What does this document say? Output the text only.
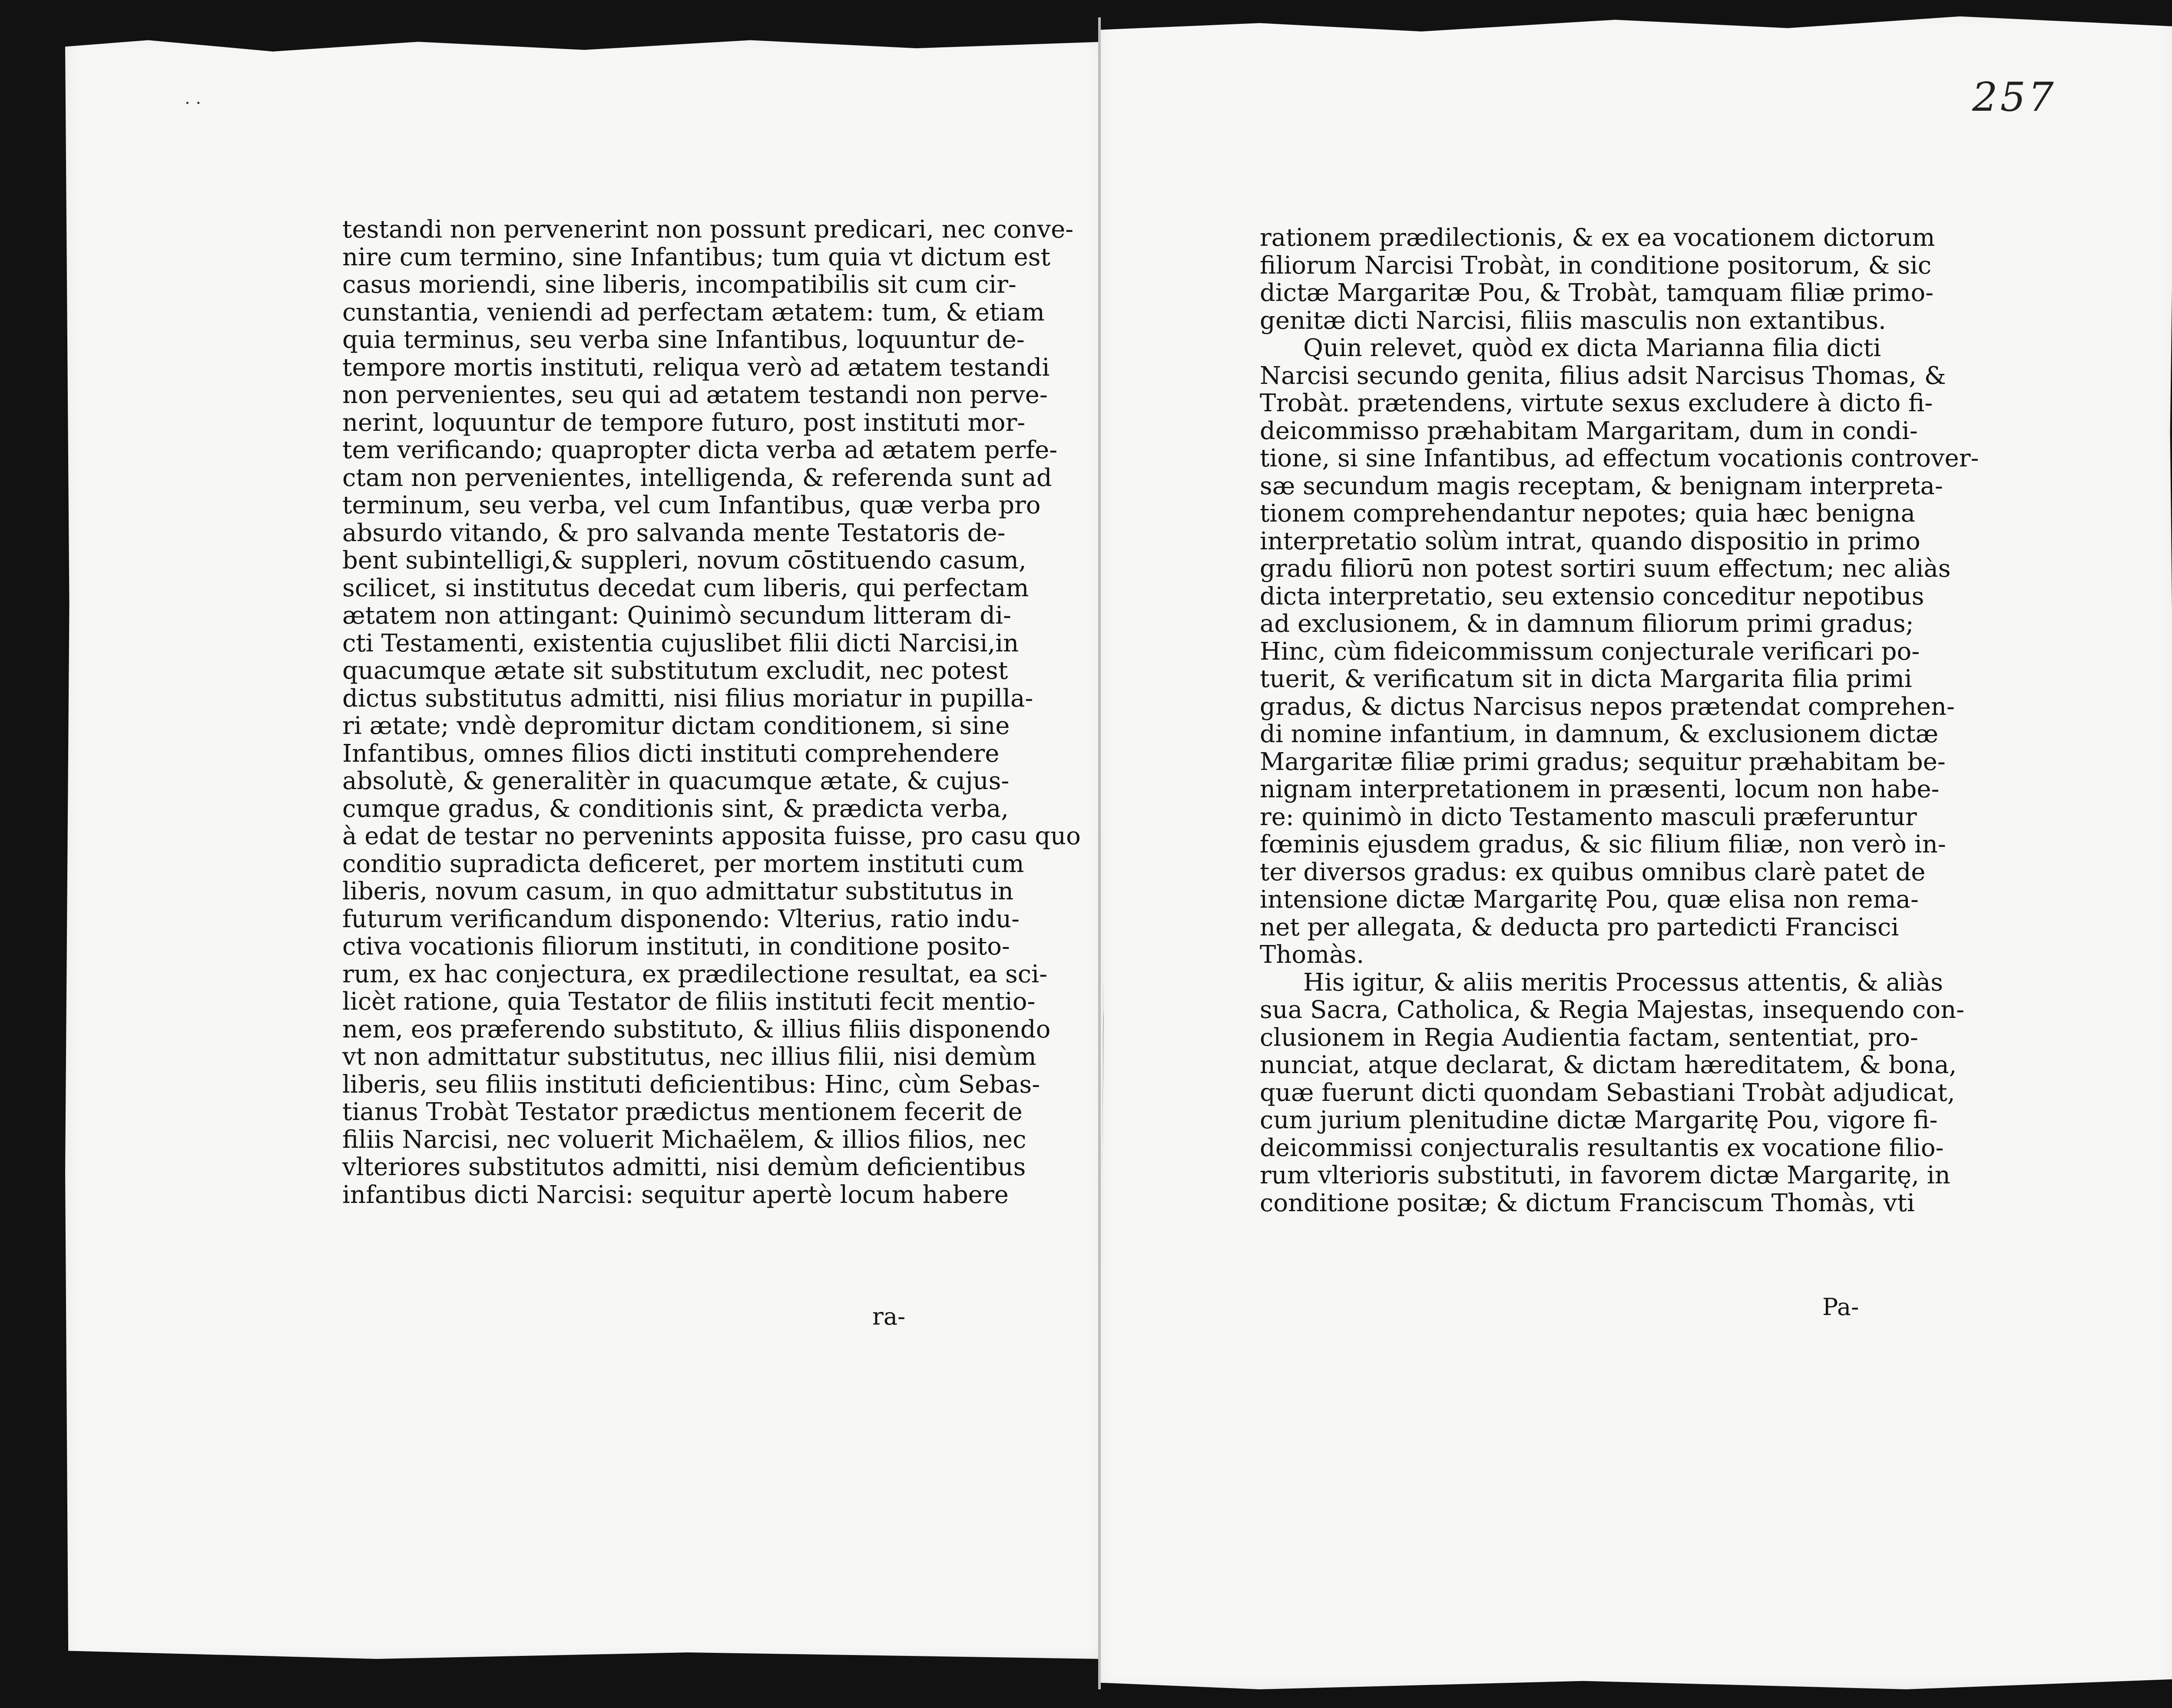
· ·	257
testandi non pervenerint non possunt predicari, nec conve-
nire cum termino, sine Infantibus; tum quia vt dictum est
casus moriendi, sine liberis, incompatibilis sit cum cir-
cunstantia, veniendi ad perfectam ætatem: tum, & etiam
quia terminus, seu verba sine Infantibus, loquuntur de-
tempore mortis instituti, reliqua verò ad ætatem testandi
non pervenientes, seu qui ad ætatem testandi non perve-
nerint, loquuntur de tempore futuro, post instituti mor-
tem verificando; quapropter dicta verba ad ætatem perfe-
ctam non pervenientes, intelligenda, & referenda sunt ad
terminum, seu verba, vel cum Infantibus, quæ verba pro
absurdo vitando, & pro salvanda mente Testatoris de-
bent subintelligi,& suppleri, novum cōstituendo casum,
scilicet, si institutus decedat cum liberis, qui perfectam
ætatem non attingant: Quinimò secundum litteram di-
cti Testamenti, existentia cujuslibet filii dicti Narcisi,in
quacumque ætate sit substitutum excludit, nec potest
dictus substitutus admitti, nisi filius moriatur in pupilla-
ri ætate; vndè depromitur dictam conditionem, si sine
Infantibus, omnes filios dicti instituti comprehendere
absolutè, & generalitèr in quacumque ætate, & cujus-
cumque gradus, & conditionis sint, & prædicta verba,
à edat de testar no pervenints apposita fuisse, pro casu quo
conditio supradicta deficeret, per mortem instituti cum
liberis, novum casum, in quo admittatur substitutus in
futurum verificandum disponendo: Vlterius, ratio indu-
ctiva vocationis filiorum instituti, in conditione posito-
rum, ex hac conjectura, ex prædilectione resultat, ea sci-
licèt ratione, quia Testator de filiis instituti fecit mentio-
nem, eos præferendo substituto, & illius filiis disponendo
vt non admittatur substitutus, nec illius filii, nisi demùm
liberis, seu filiis instituti deficientibus: Hinc, cùm Sebas-
tianus Trobàt Testator prædictus mentionem fecerit de
filiis Narcisi, nec voluerit Michaëlem, & illios filios, nec
vlteriores substitutos admitti, nisi demùm deficientibus
infantibus dicti Narcisi: sequitur apertè locum habere
ra-
rationem prædilectionis, & ex ea vocationem dictorum
filiorum Narcisi Trobàt, in conditione positorum, & sic
dictæ Margaritæ Pou, & Trobàt, tamquam filiæ primo-
genitæ dicti Narcisi, filiis masculis non extantibus.
Quin relevet, quòd ex dicta Marianna filia dicti
Narcisi secundo genita, filius adsit Narcisus Thomas, &
Trobàt. prætendens, virtute sexus excludere à dicto fi-
deicommisso præhabitam Margaritam, dum in condi-
tione, si sine Infantibus, ad effectum vocationis controver-
sæ secundum magis receptam, & benignam interpreta-
tionem comprehendantur nepotes; quia hæc benigna
interpretatio solùm intrat, quando dispositio in primo
gradu filiorū non potest sortiri suum effectum; nec aliàs
dicta interpretatio, seu extensio conceditur nepotibus
ad exclusionem, & in damnum filiorum primi gradus;
Hinc, cùm fideicommissum conjecturale verificari po-
tuerit, & verificatum sit in dicta Margarita filia primi
gradus, & dictus Narcisus nepos prætendat comprehen-
di nomine infantium, in damnum, & exclusionem dictæ
Margaritæ filiæ primi gradus; sequitur præhabitam be-
nignam interpretationem in præsenti, locum non habe-
re: quinimò in dicto Testamento masculi præferuntur
fœminis ejusdem gradus, & sic filium filiæ, non verò in-
ter diversos gradus: ex quibus omnibus clarè patet de
intensione dictæ Margaritę Pou, quæ elisa non rema-
net per allegata, & deducta pro partedicti Francisci
Thomàs.
His igitur, & aliis meritis Processus attentis, & aliàs
sua Sacra, Catholica, & Regia Majestas, insequendo con-
clusionem in Regia Audientia factam, sententiat, pro-
nunciat, atque declarat, & dictam hæreditatem, & bona,
quæ fuerunt dicti quondam Sebastiani Trobàt adjudicat,
cum jurium plenitudine dictæ Margaritę Pou, vigore fi-
deicommissi conjecturalis resultantis ex vocatione filio-
rum vlterioris substituti, in favorem dictæ Margaritę, in
conditione positæ; & dictum Franciscum Thomàs, vti
Pa-
